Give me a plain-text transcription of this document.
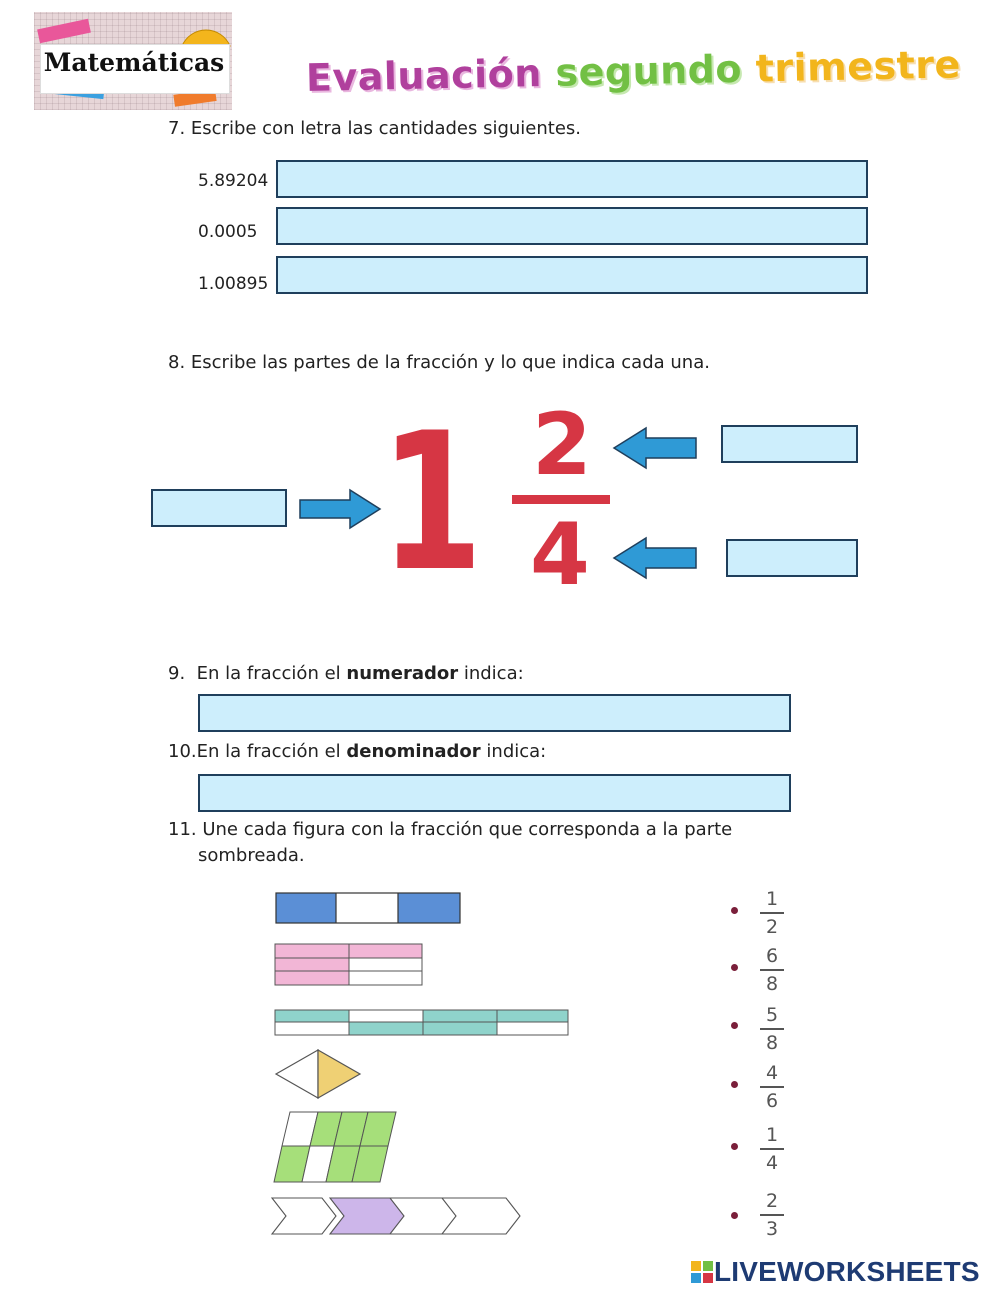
Matemáticas Evaluación segundo trimestre
7. Escribe con letra las cantidades siguientes.
5.89204
0.0005
1.00895
8. Escribe las partes de la fracción y lo que indica cada una.
1 2
4
9.  En la fracción el numerador indica:
10.En la fracción el denominador indica:
11. Une cada figura con la fracción que corresponda a la parte
sombreada.
1
2
6
8
5
8
4
6
1
4
2
3
LIVEWORKSHEETS
